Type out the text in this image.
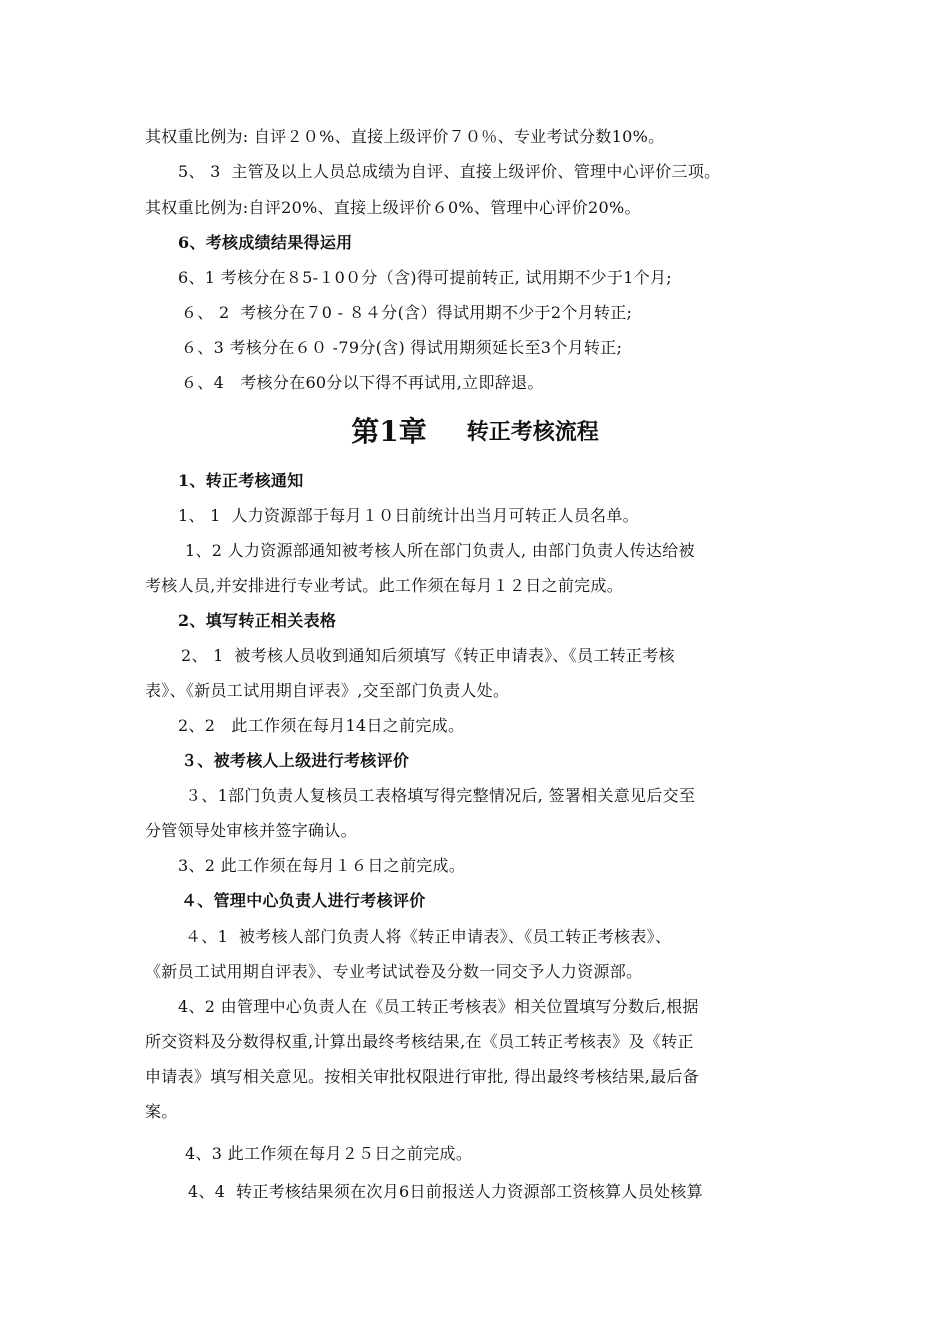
其权重比例为: 自评２０%、直接上级评价７０％、专业考试分数10%。
5、 3  主管及以上人员总成绩为自评、直接上级评价、管理中心评价三项。
其权重比例为:自评20%、直接上级评价６0%、管理中心评价20%。
6、考核成绩结果得运用
6、1 考核分在８5-１0０分（含)得可提前转正, 试用期不少于1个月;
６、 2  考核分在７0 - ８４分(含）得试用期不少于2个月转正;
６、3 考核分在６０ -79分(含) 得试用期须延长至3个月转正;
６、4   考核分在60分以下得不再试用,立即辞退。
第1章 转正考核流程
1、转正考核通知
1、 1  人力资源部于每月１０日前统计出当月可转正人员名单。
1、2 人力资源部通知被考核人所在部门负责人, 由部门负责人传达给被
考核人员,并安排进行专业考试。此工作须在每月１２日之前完成。
2、填写转正相关表格
2、 1  被考核人员收到通知后须填写《转正申请表》、《员工转正考核
表》、《新员工试用期自评表》,交至部门负责人处。
2、2   此工作须在每月14日之前完成。
３、被考核人上级进行考核评价
３、1部门负责人复核员工表格填写得完整情况后, 签署相关意见后交至
分管领导处审核并签字确认。
3、2 此工作须在每月１６日之前完成。
４、管理中心负责人进行考核评价
４、1  被考核人部门负责人将《转正申请表》、《员工转正考核表》、
《新员工试用期自评表》、专业考试试卷及分数一同交予人力资源部。
4、2 由管理中心负责人在《员工转正考核表》相关位置填写分数后,根据
所交资料及分数得权重,计算出最终考核结果,在《员工转正考核表》及《转正
申请表》填写相关意见。按相关审批权限进行审批, 得出最终考核结果,最后备
案。
4、3 此工作须在每月２５日之前完成。
4、4  转正考核结果须在次月6日前报送人力资源部工资核算人员处核算
